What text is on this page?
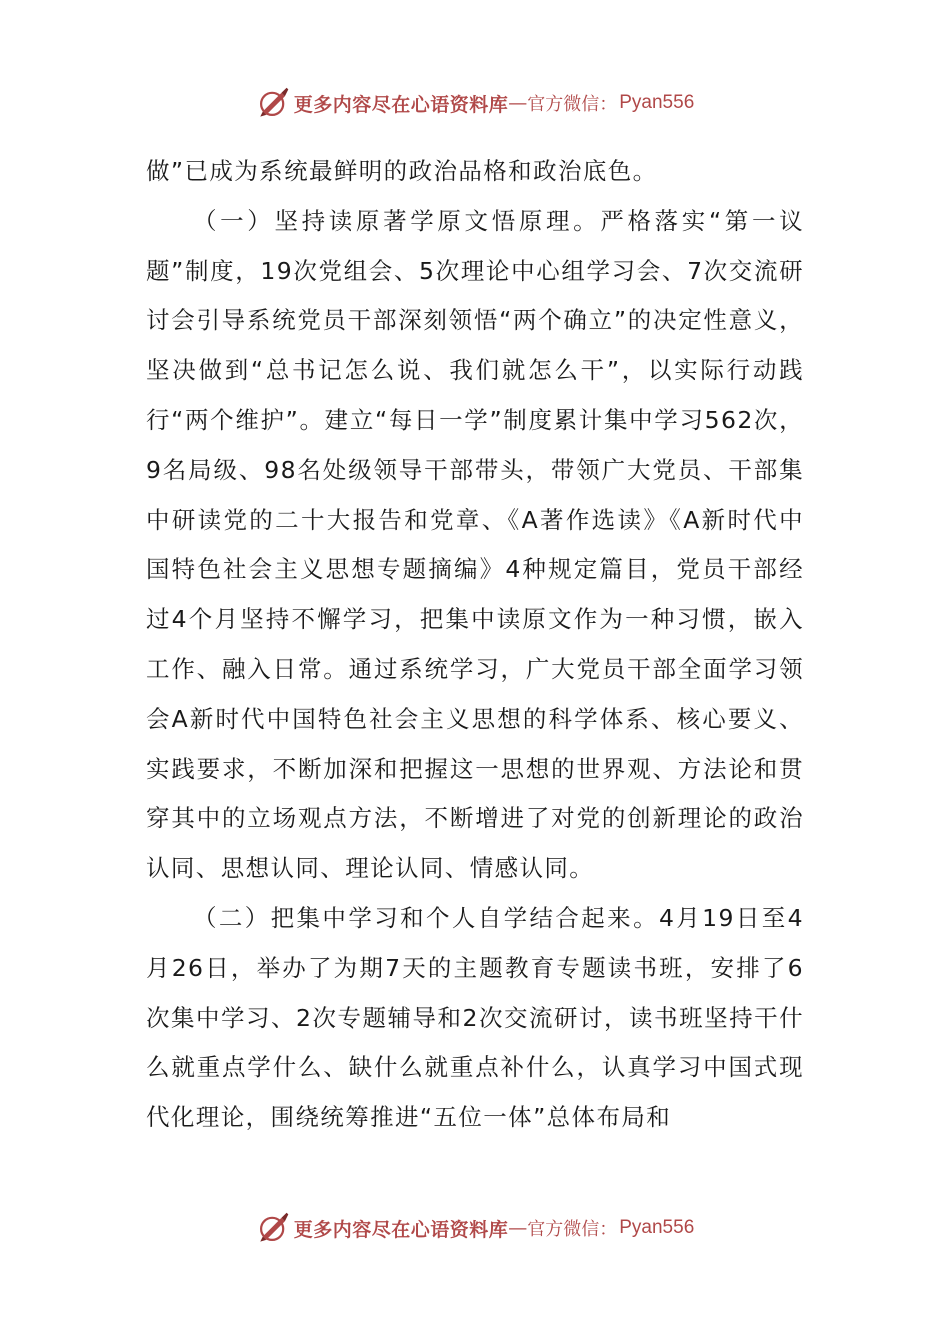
更多内容尽在心语资料库 — 官方微信： Pyan556

做”已成为系统最鲜明的政治品格和政治底色。

（一）坚持读原著学原文悟原理。严格落实“第一议题”制度，19次党组会、5次理论中心组学习会、7次交流研讨会引导系统党员干部深刻领悟“两个确立”的决定性意义，坚决做到“总书记怎么说、我们就怎么干”，以实际行动践行“两个维护”。建立“每日一学”制度累计集中学习562次，9名局级、98名处级领导干部带头，带领广大党员、干部集中研读党的二十大报告和党章、《A著作选读》《A新时代中国特色社会主义思想专题摘编》4种规定篇目，党员干部经过4个月坚持不懈学习，把集中读原文作为一种习惯，嵌入工作、融入日常。通过系统学习，广大党员干部全面学习领会A新时代中国特色社会主义思想的科学体系、核心要义、实践要求，不断加深和把握这一思想的世界观、方法论和贯穿其中的立场观点方法，不断增进了对党的创新理论的政治认同、思想认同、理论认同、情感认同。

（二）把集中学习和个人自学结合起来。4月19日至4月26日，举办了为期7天的主题教育专题读书班，安排了6次集中学习、2次专题辅导和2次交流研讨，读书班坚持干什么就重点学什么、缺什么就重点补什么，认真学习中国式现代化理论，围绕统筹推进“五位一体”总体布局和

更多内容尽在心语资料库 — 官方微信： Pyan556
